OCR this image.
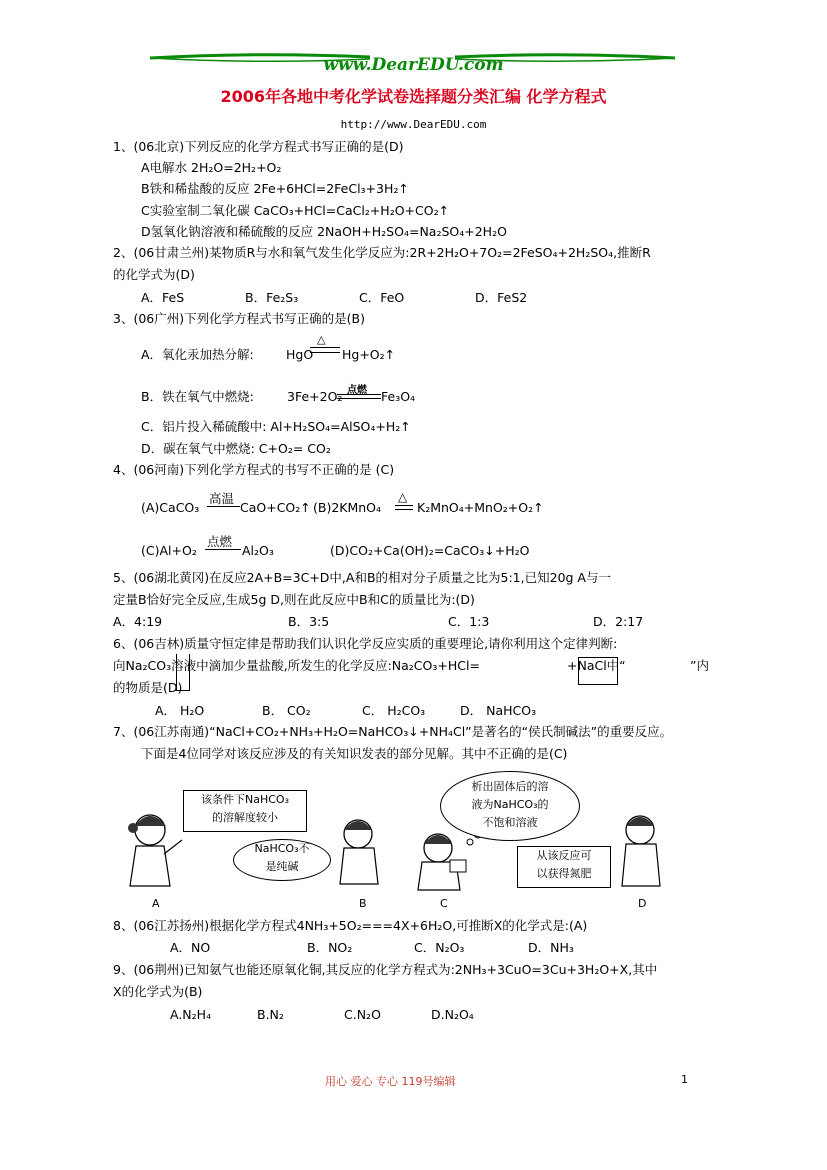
www.DearEDU.com
2006年各地中考化学试卷选择题分类汇编 化学方程式
http://www.DearEDU.com
1、(06北京)下列反应的化学方程式书写正确的是(D)
A电解水 2H₂O=2H₂+O₂
B铁和稀盐酸的反应 2Fe+6HCl=2FeCl₃+3H₂↑
C实验室制二氧化碳 CaCO₃+HCl=CaCl₂+H₂O+CO₂↑
D氢氧化钠溶液和稀硫酸的反应 2NaOH+H₂SO₄=Na₂SO₄+2H₂O
2、(06甘肃兰州)某物质R与水和氧气发生化学反应为:2R+2H₂O+7O₂=2FeSO₄+2H₂SO₄,推断R
的化学式为(D)
A．FeS	B．Fe₂S₃	C．FeO	D．FeS2
3、(06广州)下列化学方程式书写正确的是(B)
A．氧化汞加热分解:	HgO
△
Hg+O₂↑
B．铁在氧气中燃烧:	3Fe+2O₂ 点燃 Fe₃O₄
C．铝片投入稀硫酸中: Al+H₂SO₄=AlSO₄+H₂↑
D．碳在氧气中燃烧: C+O₂= CO₂
4、(06河南)下列化学方程式的书写不正确的是 (C)
(A)CaCO₃
高温
CaO+CO₂↑ (B)2KMnO₄
△
K₂MnO₄+MnO₂+O₂↑
(C)Al+O₂
点燃
Al₂O₃	(D)CO₂+Ca(OH)₂=CaCO₃↓+H₂O
5、(06湖北黄冈)在反应2A+B=3C+D中,A和B的相对分子质量之比为5:1,已知20g A与一
定量B恰好完全反应,生成5g D,则在此反应中B和C的质量比为:(D)
A．4:19	B．3:5	C．1:3	D．2:17
6、(06吉林)质量守恒定律是帮助我们认识化学反应实质的重要理论,请你利用这个定律判断:
向Na₂CO₃溶液中滴加少量盐酸,所发生的化学反应:Na₂CO₃+HCl=	+NaCl中“	”内
的物质是(D)
A． H₂O	B． CO₂	C． H₂CO₃	D． NaHCO₃
7、(06江苏南通)“NaCl+CO₂+NH₃+H₂O=NaHCO₃↓+NH₄Cl”是著名的“侯氏制碱法”的重要反应。
下面是4位同学对该反应涉及的有关知识发表的部分见解。其中不正确的是(C)
该条件下NaHCO₃
的溶解度较小
NaHCO₃不
是纯碱
析出固体后的溶
液为NaHCO₃的
不饱和溶液
从该反应可
以获得氮肥
A	B	C	D
8、(06江苏扬州)根据化学方程式4NH₃+5O₂===4X+6H₂O,可推断X的化学式是:(A)
A．NO	B．NO₂	C．N₂O₃	D．NH₃
9、(06荆州)已知氨气也能还原氧化铜,其反应的化学方程式为:2NH₃+3CuO=3Cu+3H₂O+X,其中
X的化学式为(B)
A.N₂H₄	B.N₂	C.N₂O	D.N₂O₄
用心 爱心 专心 119号编辑	1
